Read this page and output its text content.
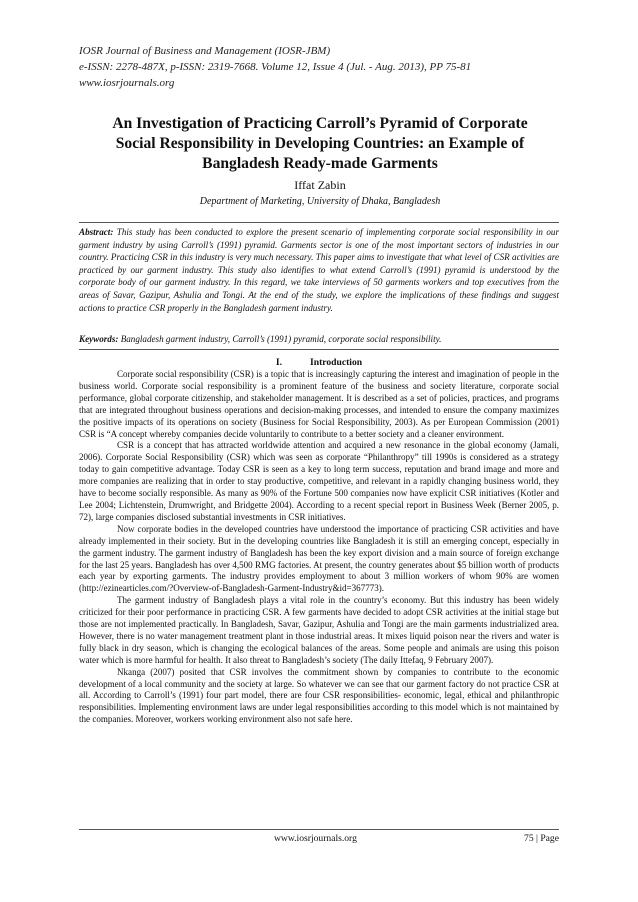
IOSR Journal of Business and Management (IOSR-JBM)
e-ISSN: 2278-487X, p-ISSN: 2319-7668. Volume 12, Issue 4 (Jul. - Aug. 2013), PP 75-81
www.iosrjournals.org
An Investigation of Practicing Carroll’s Pyramid of Corporate
Social Responsibility in Developing Countries: an Example of
Bangladesh Ready-made Garments
Iffat Zabin
Department of Marketing, University of Dhaka, Bangladesh
Abstract: This study has been conducted to explore the present scenario of implementing corporate social responsibility in our garment industry by using Carroll’s (1991) pyramid. Garments sector is one of the most important sectors of industries in our country. Practicing CSR in this industry is very much necessary. This paper aims to investigate that what level of CSR activities are practiced by our garment industry. This study also identifies to what extend Carroll’s (1991) pyramid is understood by the corporate body of our garment industry. In this regard, we take interviews of 50 garments workers and top executives from the areas of Savar, Gazipur, Ashulia and Tongi. At the end of the study, we explore the implications of these findings and suggest actions to practice CSR properly in the Bangladesh garment industry.
Keywords: Bangladesh garment industry, Carroll’s (1991) pyramid, corporate social responsibility.
I.	Introduction

Corporate social responsibility (CSR) is a topic that is increasingly capturing the interest and imagination of people in the business world. Corporate social responsibility is a prominent feature of the business and society literature, corporate social performance, global corporate citizenship, and stakeholder management. It is described as a set of policies, practices, and programs that are integrated throughout business operations and decision-making processes, and intended to ensure the company maximizes the positive impacts of its operations on society (Business for Social Responsibility, 2003). As per European Commission (2001) CSR is “A concept whereby companies decide voluntarily to contribute to a better society and a cleaner environment.

CSR is a concept that has attracted worldwide attention and acquired a new resonance in the global economy (Jamali, 2006). Corporate Social Responsibility (CSR) which was seen as corporate “Philanthropy” till 1990s is considered as a strategy today to gain competitive advantage. Today CSR is seen as a key to long term success, reputation and brand image and more and more companies are realizing that in order to stay productive, competitive, and relevant in a rapidly changing business world, they have to become socially responsible. As many as 90% of the Fortune 500 companies now have explicit CSR initiatives (Kotler and Lee 2004; Lichtenstein, Drumwright, and Bridgette 2004). According to a recent special report in Business Week (Berner 2005, p. 72), large companies disclosed substantial investments in CSR initiatives.

Now corporate bodies in the developed countries have understood the importance of practicing CSR activities and have already implemented in their society. But in the developing countries like Bangladesh it is still an emerging concept, especially in the garment industry. The garment industry of Bangladesh has been the key export division and a main source of foreign exchange for the last 25 years. Bangladesh has over 4,500 RMG factories. At present, the country generates about $5 billion worth of products each year by exporting garments. The industry provides employment to about 3 million workers of whom 90% are women (http://ezinearticles.com/?Overview-of-Bangladesh-Garment-Industry&id=367773).

The garment industry of Bangladesh plays a vital role in the country’s economy. But this industry has been widely criticized for their poor performance in practicing CSR. A few garments have decided to adopt CSR activities at the initial stage but those are not implemented practically. In Bangladesh, Savar, Gazipur, Ashulia and Tongi are the main garments industrialized area. However, there is no water management treatment plant in those industrial areas. It mixes liquid poison near the rivers and water is fully black in dry season, which is changing the ecological balances of the areas. Some people and animals are using this poison water which is more harmful for health. It also threat to Bangladesh’s society (The daily Ittefaq, 9 February 2007).

Nkanga (2007) posited that CSR involves the commitment shown by companies to contribute to the economic development of a local community and the society at large. So whatever we can see that our garment factory do not practice CSR at all. According to Carroll’s (1991) four part model, there are four CSR responsibilities- economic, legal, ethical and philanthropic responsibilities. Implementing environment laws are under legal responsibilities according to this model which is not maintained by the companies. Moreover, workers working environment also not safe here.

www.iosrjournals.org	75 | Page
